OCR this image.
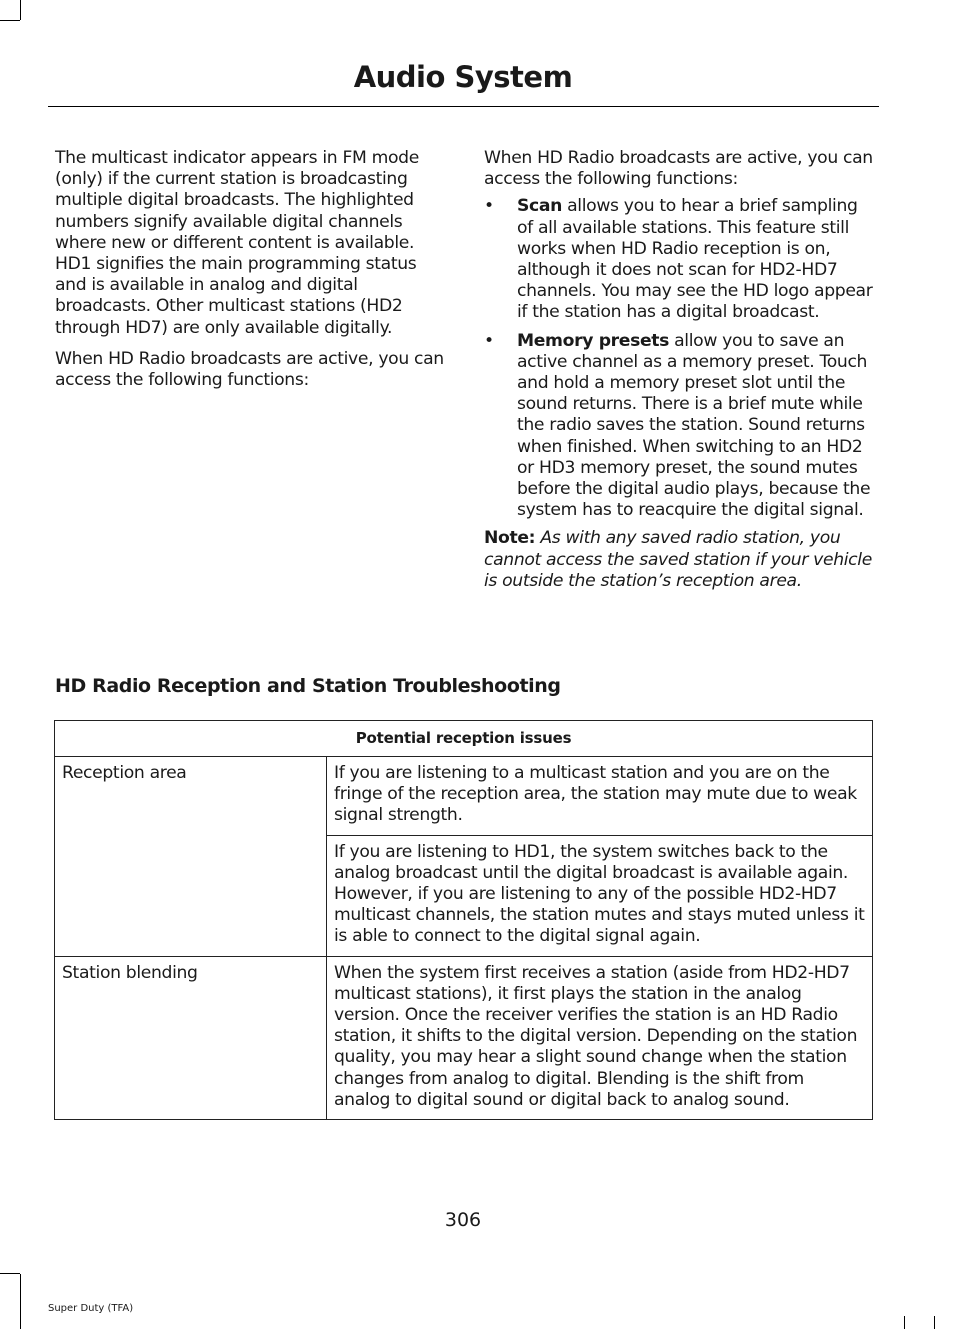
Audio System

The multicast indicator appears in FM mode (only) if the current station is broadcasting multiple digital broadcasts. The highlighted numbers signify available digital channels where new or different content is available. HD1 signifies the main programming status and is available in analog and digital broadcasts. Other multicast stations (HD2 through HD7) are only available digitally.

When HD Radio broadcasts are active, you can access the following functions:

When HD Radio broadcasts are active, you can access the following functions:

• Scan allows you to hear a brief sampling of all available stations. This feature still works when HD Radio reception is on, although it does not scan for HD2-HD7 channels. You may see the HD logo appear if the station has a digital broadcast.
• Memory presets allow you to save an active channel as a memory preset. Touch and hold a memory preset slot until the sound returns. There is a brief mute while the radio saves the station. Sound returns when finished. When switching to an HD2 or HD3 memory preset, the sound mutes before the digital audio plays, because the system has to reacquire the digital signal.

Note: As with any saved radio station, you cannot access the saved station if your vehicle is outside the station’s reception area.

HD Radio Reception and Station Troubleshooting
Potential reception issues	
Reception area	If you are listening to a multicast station and you are on the fringe of the reception area, the station may mute due to weak signal strength.
	If you are listening to HD1, the system switches back to the analog broadcast until the digital broadcast is available again. However, if you are listening to any of the possible HD2-HD7 multicast channels, the station mutes and stays muted unless it is able to connect to the digital signal again.
Station blending	When the system first receives a station (aside from HD2-HD7 multicast stations), it first plays the station in the analog version. Once the receiver verifies the station is an HD Radio station, it shifts to the digital version. Depending on the station quality, you may hear a slight sound change when the station changes from analog to digital. Blending is the shift from analog to digital sound or digital back to analog sound.
306
Super Duty (TFA)
